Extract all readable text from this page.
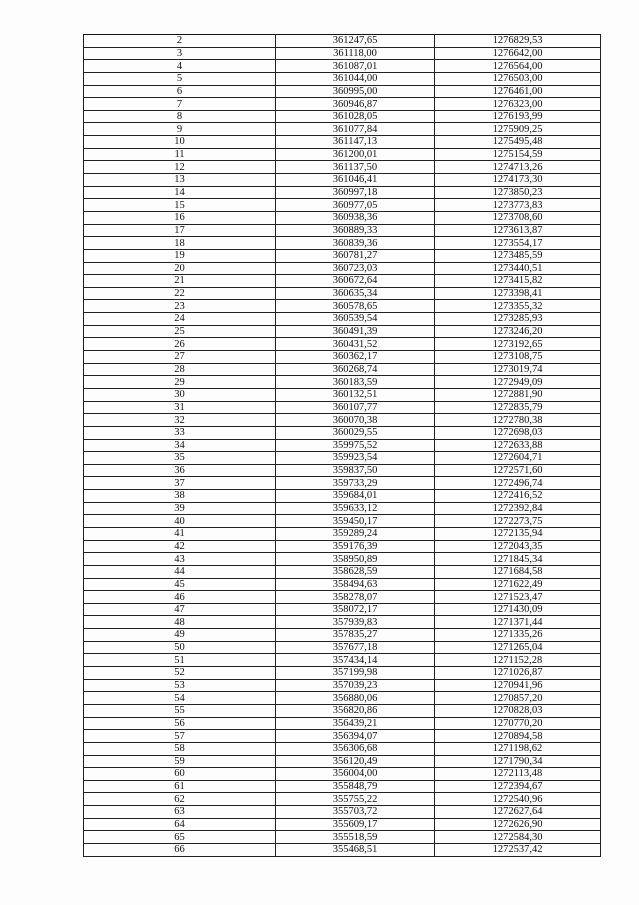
2	361247,65	1276829,53
3	361118,00	1276642,00
4	361087,01	1276564,00
5	361044,00	1276503,00
6	360995,00	1276461,00
7	360946,87	1276323,00
8	361028,05	1276193,99
9	361077,84	1275909,25
10	361147,13	1275495,48
11	361200,01	1275154,59
12	361137,50	1274713,26
13	361046,41	1274173,30
14	360997,18	1273850,23
15	360977,05	1273773,83
16	360938,36	1273708,60
17	360889,33	1273613,87
18	360839,36	1273554,17
19	360781,27	1273485,59
20	360723,03	1273440,51
21	360672,64	1273415,82
22	360635,34	1273398,41
23	360578,65	1273355,32
24	360539,54	1273285,93
25	360491,39	1273246,20
26	360431,52	1273192,65
27	360362,17	1273108,75
28	360268,74	1273019,74
29	360183,59	1272949,09
30	360132,51	1272881,90
31	360107,77	1272835,79
32	360070,38	1272780,38
33	360029,55	1272698,03
34	359975,52	1272633,88
35	359923,54	1272604,71
36	359837,50	1272571,60
37	359733,29	1272496,74
38	359684,01	1272416,52
39	359633,12	1272392,84
40	359450,17	1272273,75
41	359289,24	1272135,94
42	359176,39	1272043,35
43	358950,89	1271845,34
44	358628,59	1271684,58
45	358494,63	1271622,49
46	358278,07	1271523,47
47	358072,17	1271430,09
48	357939,83	1271371,44
49	357835,27	1271335,26
50	357677,18	1271265,04
51	357434,14	1271152,28
52	357199,98	1271026,87
53	357039,23	1270941,96
54	356880,06	1270857,20
55	356820,86	1270828,03
56	356439,21	1270770,20
57	356394,07	1270894,58
58	356306,68	1271198,62
59	356120,49	1271790,34
60	356004,00	1272113,48
61	355848,79	1272394,67
62	355755,22	1272540,96
63	355703,72	1272627,64
64	355609,17	1272626,90
65	355518,59	1272584,30
66	355468,51	1272537,42
